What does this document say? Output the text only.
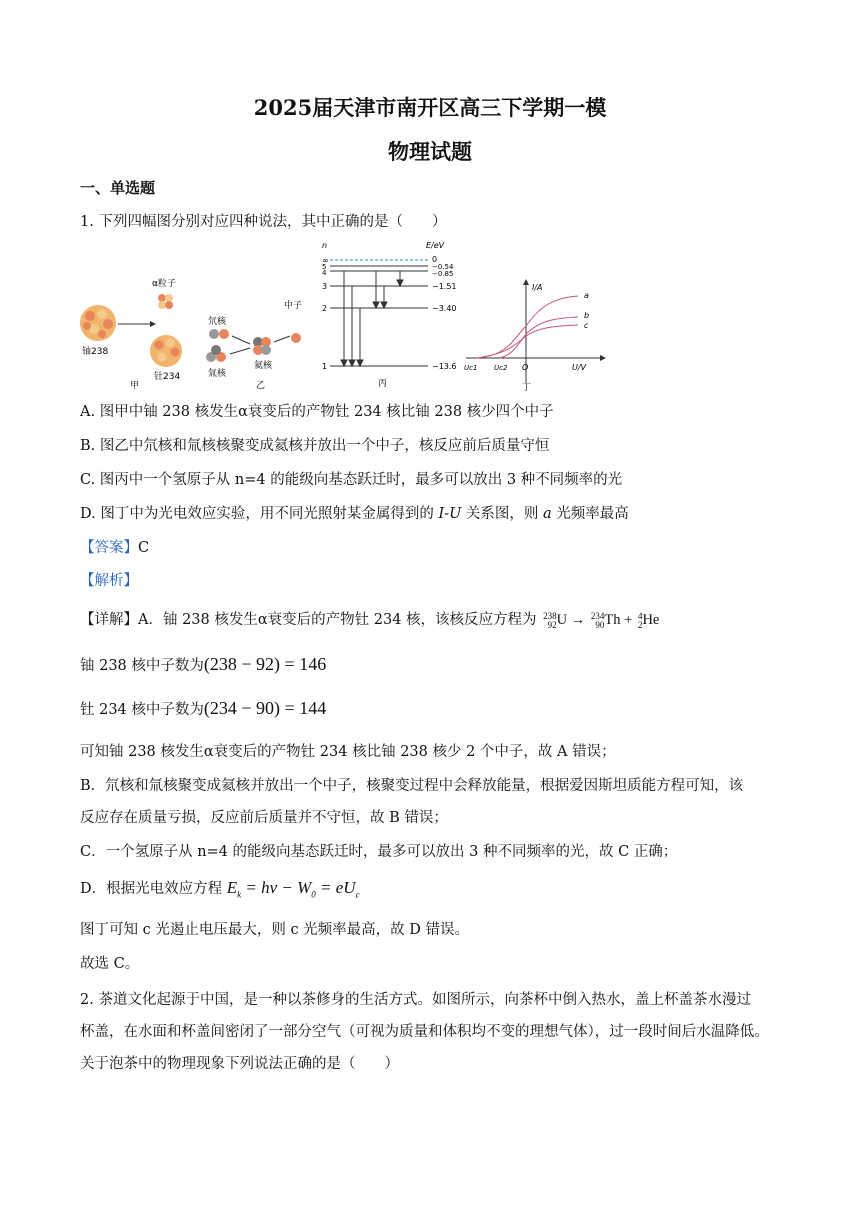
2025届天津市南开区高三下学期一模
物理试题
一、单选题
1. 下列四幅图分别对应四种说法，其中正确的是（　　）
铀238
α粒子
钍234
甲
氘核
氚核
氦核
中子
乙
n	E/eV
∞
5
4
3
2
1
0
−0.54
−0.85
−1.51
−3.40
−13.6
丙
I/A
U/V
O
Uc1 Uc2
a
b
c
丁
A. 图甲中铀 238 核发生α衰变后的产物钍 234 核比铀 238 核少四个中子
B. 图乙中氘核和氚核核聚变成氦核并放出一个中子，核反应前后质量守恒
C. 图丙中一个氢原子从 n=4 的能级向基态跃迁时，最多可以放出 3 种不同频率的光
D. 图丁中为光电效应实验，用不同光照射某金属得到的 I-U 关系图，则 a 光频率最高
【答案】C
【解析】
【详解】A．铀 238 核发生α衰变后的产物钍 234 核，该核反应方程为 238
92U → 234
90Th + 4
2He
铀 238 核中子数为(238 − 92) = 146
钍 234 核中子数为(234 − 90) = 144
可知铀 238 核发生α衰变后的产物钍 234 核比铀 238 核少 2 个中子，故 A 错误；
B．氘核和氚核聚变成氦核并放出一个中子，核聚变过程中会释放能量，根据爱因斯坦质能方程可知，该
反应存在质量亏损，反应前后质量并不守恒，故 B 错误；
C．一个氢原子从 n=4 的能级向基态跃迁时，最多可以放出 3 种不同频率的光，故 C 正确；
D．根据光电效应方程 $E_k = h\nu - W_0 = eU_c$
图丁可知 c 光遏止电压最大，则 c 光频率最高，故 D 错误。
故选 C。
2. 茶道文化起源于中国，是一种以茶修身的生活方式。如图所示，向茶杯中倒入热水，盖上杯盖茶水漫过
杯盖，在水面和杯盖间密闭了一部分空气（可视为质量和体积均不变的理想气体），过一段时间后水温降低。
关于泡茶中的物理现象下列说法正确的是（　　）
